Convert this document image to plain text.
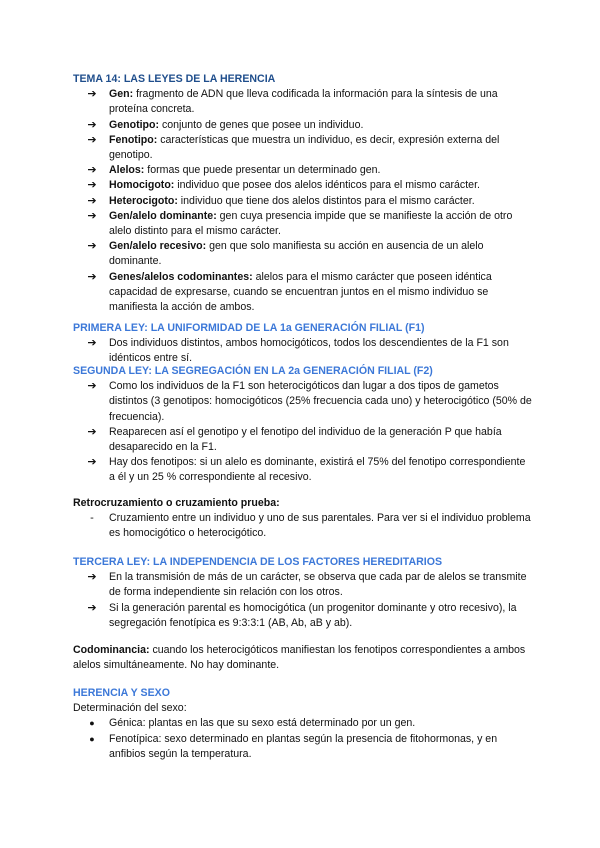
TEMA 14: LAS LEYES DE LA HERENCIA
➔ Gen: fragmento de ADN que lleva codificada la información para la síntesis de una proteína concreta.
➔ Genotipo: conjunto de genes que posee un individuo.
➔ Fenotipo: características que muestra un individuo, es decir, expresión externa del genotipo.
➔ Alelos: formas que puede presentar un determinado gen.
➔ Homocigoto: individuo que posee dos alelos idénticos para el mismo carácter.
➔ Heterocigoto: individuo que tiene dos alelos distintos para el mismo carácter.
➔ Gen/alelo dominante: gen cuya presencia impide que se manifieste la acción de otro alelo distinto para el mismo carácter.
➔ Gen/alelo recesivo: gen que solo manifiesta su acción en ausencia de un alelo dominante.
➔ Genes/alelos codominantes: alelos para el mismo carácter que poseen idéntica capacidad de expresarse, cuando se encuentran juntos en el mismo individuo se manifiesta la acción de ambos.
PRIMERA LEY: LA UNIFORMIDAD DE LA 1a GENERACIÓN FILIAL (F1)
➔ Dos individuos distintos, ambos homocigóticos, todos los descendientes de la F1 son idénticos entre sí.
SEGUNDA LEY: LA SEGREGACIÓN EN LA 2a GENERACIÓN FILIAL (F2)
➔ Como los individuos de la F1 son heterocigóticos dan lugar a dos tipos de gametos distintos (3 genotipos: homocigóticos (25% frecuencia cada uno) y heterocigótico (50% de frecuencia).
➔ Reaparecen así el genotipo y el fenotipo del individuo de la generación P que había desaparecido en la F1.
➔ Hay dos fenotipos: si un alelo es dominante, existirá el 75% del fenotipo correspondiente a él y un 25 % correspondiente al recesivo.
Retrocruzamiento o cruzamiento prueba:
-	Cruzamiento entre un individuo y uno de sus parentales. Para ver si el individuo problema es homocigótico o heterocigótico.
TERCERA LEY: LA INDEPENDENCIA DE LOS FACTORES HEREDITARIOS
➔ En la transmisión de más de un carácter, se observa que cada par de alelos se transmite de forma independiente sin relación con los otros.
➔ Si la generación parental es homocigótica (un progenitor dominante y otro recesivo), la segregación fenotípica es 9:3:3:1 (AB, Ab, aB y ab).

Codominancia: cuando los heterocigóticos manifiestan los fenotipos correspondientes a ambos alelos simultáneamente. No hay dominante.

HERENCIA Y SEXO
Determinación del sexo:
●	Génica: plantas en las que su sexo está determinado por un gen.
●	Fenotípica: sexo determinado en plantas según la presencia de fitohormonas, y en anfibios según la temperatura.
